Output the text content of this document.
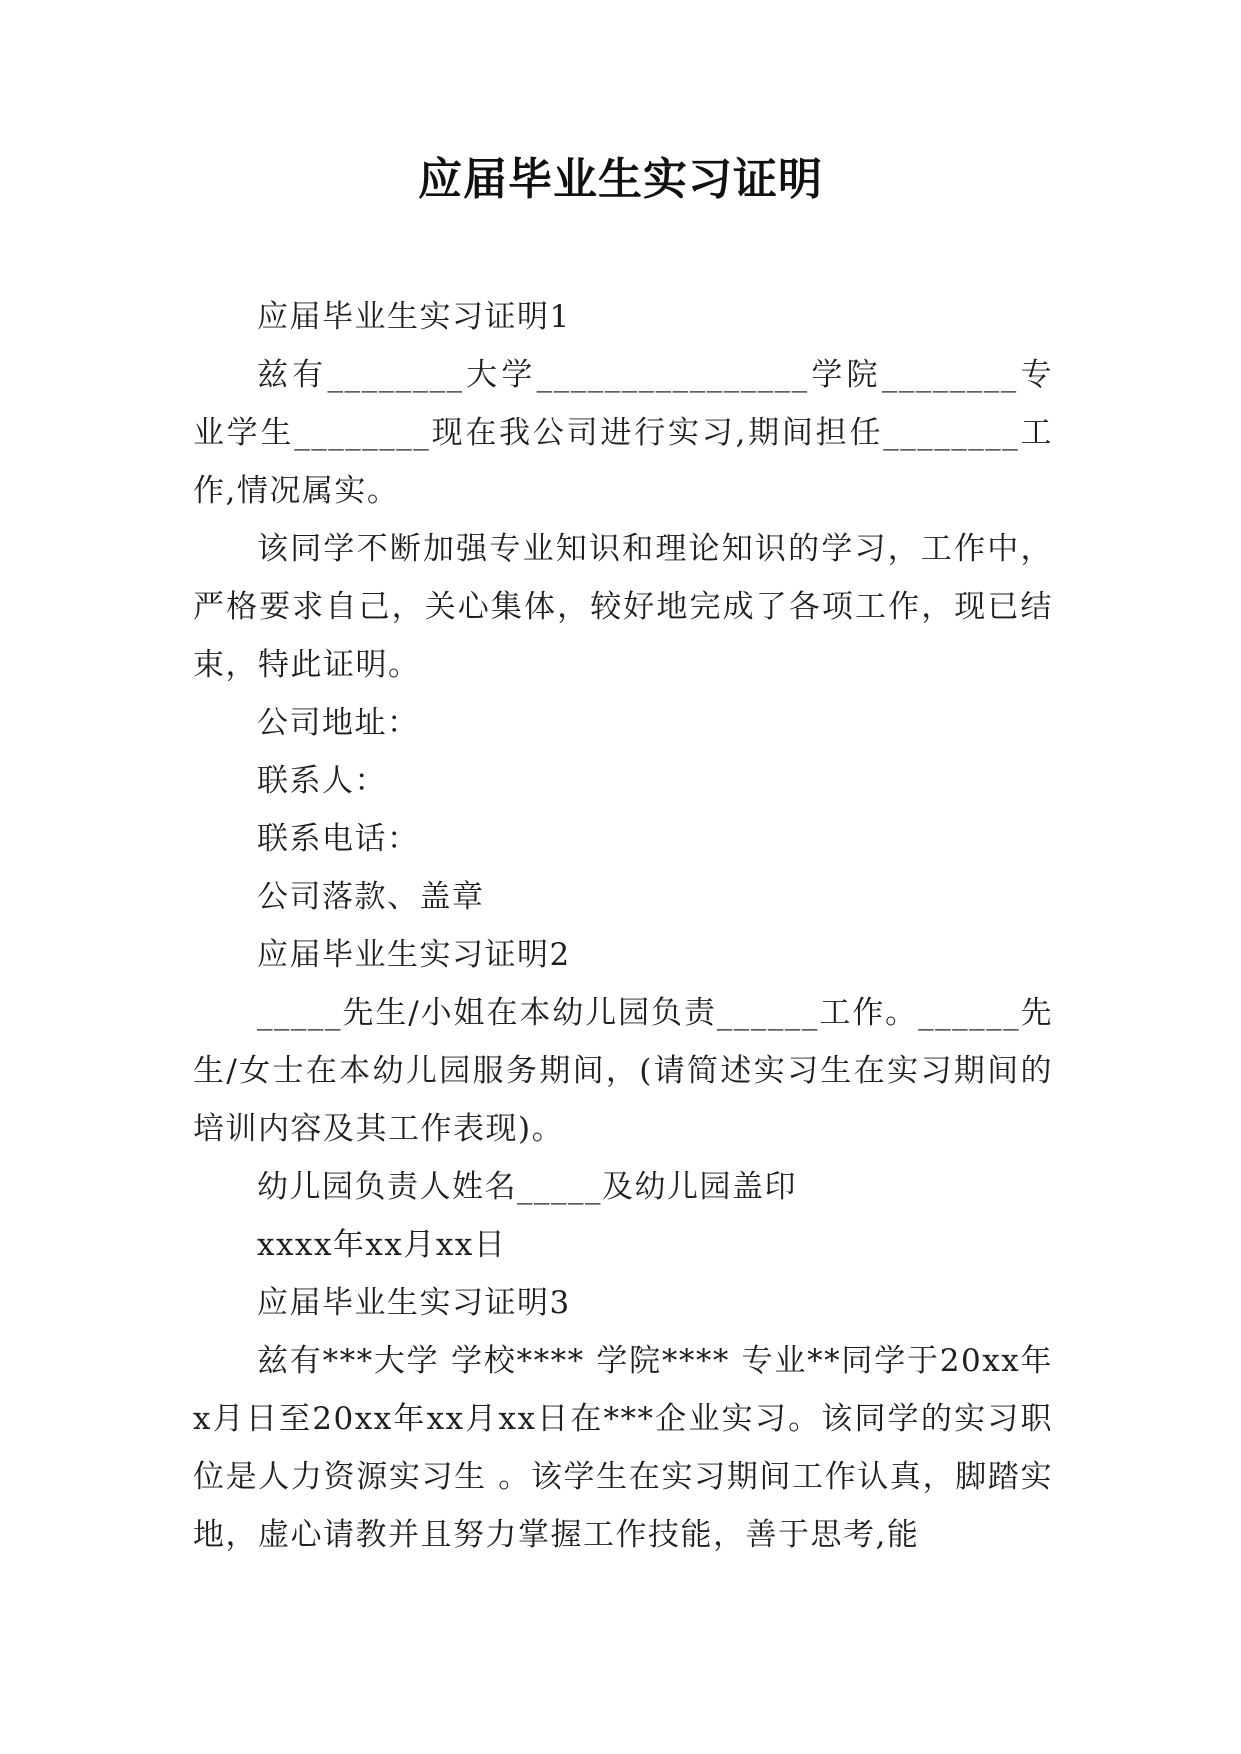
应届毕业生实习证明

应届毕业生实习证明1

兹有________大学________________学院________专业学生________现在我公司进行实习,期间担任________工作,情况属实。

该同学不断加强专业知识和理论知识的学习，工作中，严格要求自己，关心集体，较好地完成了各项工作，现已结束，特此证明。

公司地址：

联系人：

联系电话：

公司落款、盖章

应届毕业生实习证明2

_____先生/小姐在本幼儿园负责______工作。______先生/女士在本幼儿园服务期间，(请简述实习生在实习期间的培训内容及其工作表现)。

幼儿园负责人姓名_____及幼儿园盖印

xxxx年xx月xx日

应届毕业生实习证明3

兹有***大学 学校**** 学院**** 专业**同学于20xx年x月日至20xx年xx月xx日在***企业实习。该同学的实习职位是人力资源实习生 。该学生在实习期间工作认真，脚踏实地，虚心请教并且努力掌握工作技能，善于思考,能
